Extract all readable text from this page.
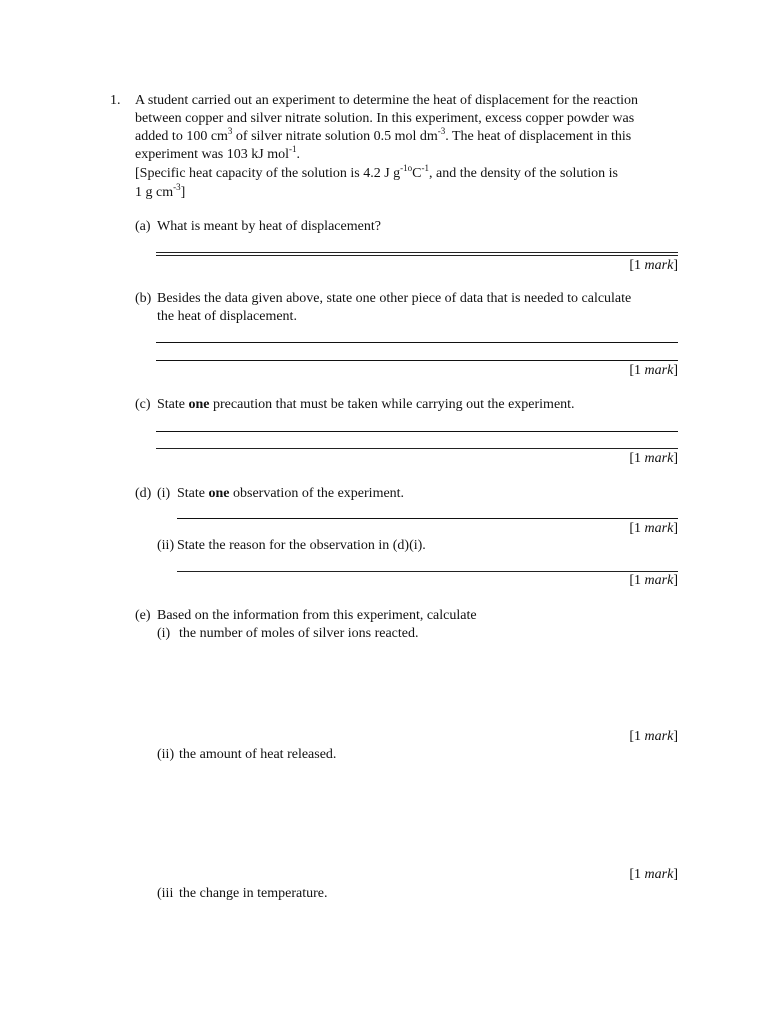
1. A student carried out an experiment to determine the heat of displacement for the reaction
between copper and silver nitrate solution. In this experiment, excess copper powder was
added to 100 $cm^3$ of silver nitrate solution 0.5 mol $dm^{-3}$. The heat of displacement in this
experiment was 103 kJ mol$^{-1}$.
[Specific heat capacity of the solution is 4.2 J $g^{-1o}C^{-1}$, and the density of the solution is
1 g $cm^{-3}$]
(a) What is meant by heat of displacement?
[1 mark]
(b) Besides the data given above, state one other piece of data that is needed to calculate
the heat of displacement.
[1 mark]
(c) State one precaution that must be taken while carrying out the experiment.
[1 mark]
(d) (i) State one observation of the experiment.
[1 mark]
(ii) State the reason for the observation in (d)(i).
[1 mark]
(e) Based on the information from this experiment, calculate
(i) the number of moles of silver ions reacted.
[1 mark]
(ii) the amount of heat released.
[1 mark]
(iii the change in temperature.
